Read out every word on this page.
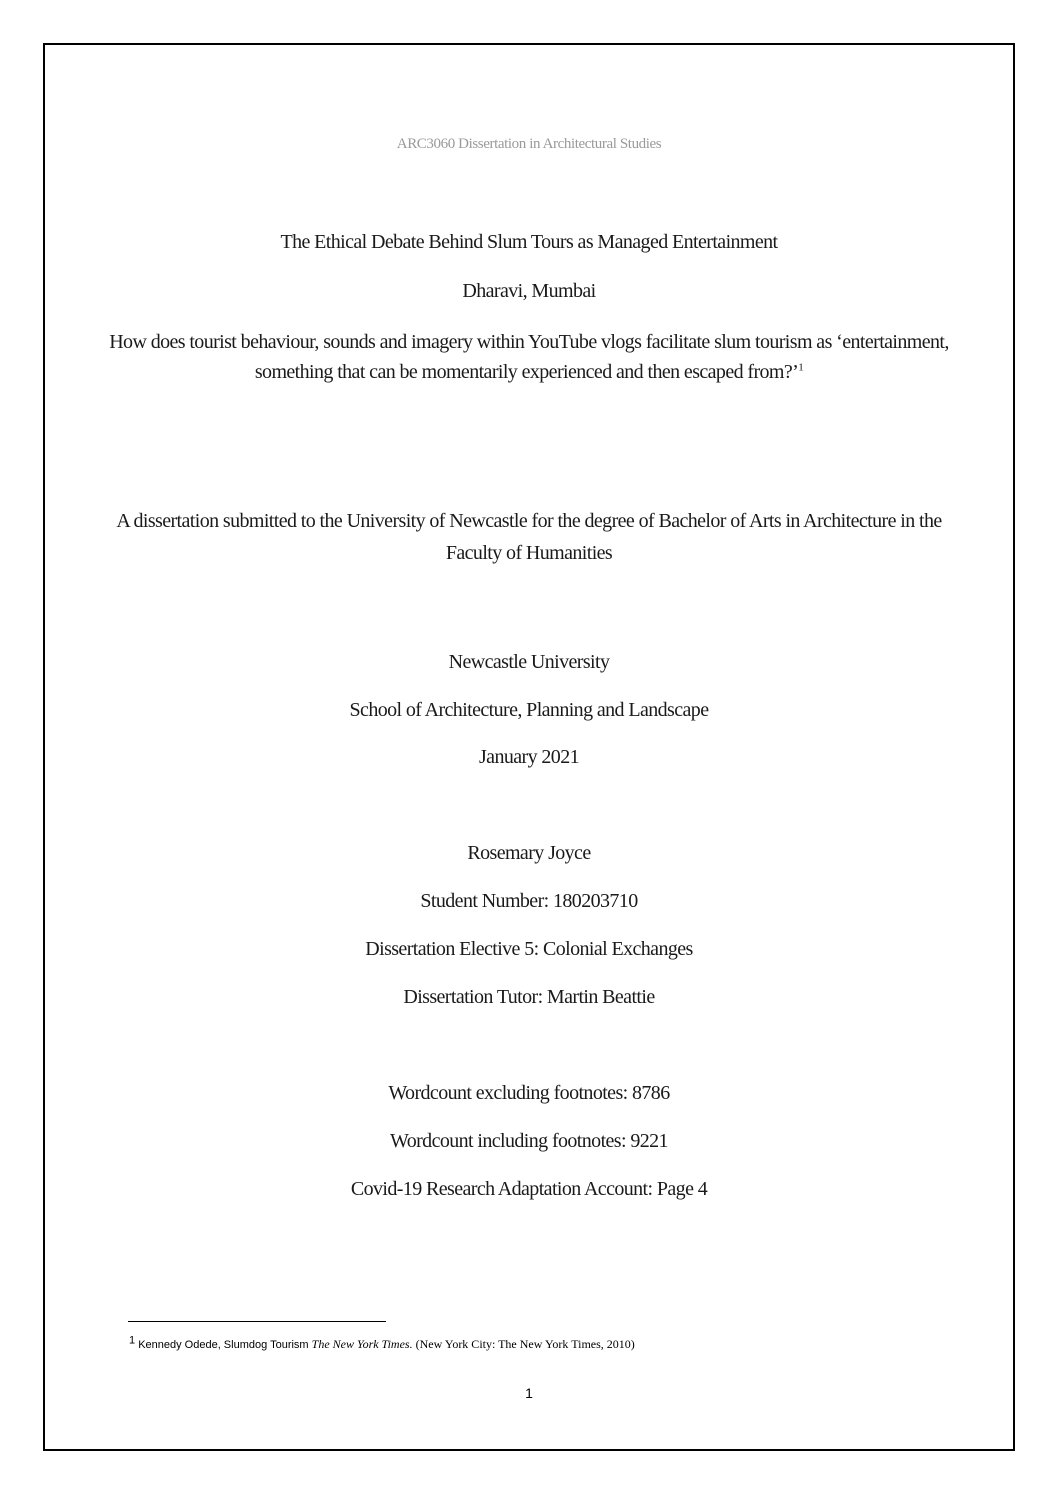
ARC3060 Dissertation in Architectural Studies
The Ethical Debate Behind Slum Tours as Managed Entertainment
Dharavi, Mumbai
How does tourist behaviour, sounds and imagery within YouTube vlogs facilitate slum tourism as ‘entertainment, something that can be momentarily experienced and then escaped from?’$^1$
A dissertation submitted to the University of Newcastle for the degree of Bachelor of Arts in Architecture in the Faculty of Humanities
Newcastle University
School of Architecture, Planning and Landscape
January 2021
Rosemary Joyce
Student Number: 180203710
Dissertation Elective 5: Colonial Exchanges
Dissertation Tutor: Martin Beattie
Wordcount excluding footnotes: 8786
Wordcount including footnotes: 9221
Covid-19 Research Adaptation Account: Page 4
$^1$ Kennedy Odede, Slumdog Tourism The New York Times. (New York City: The New York Times, 2010)
1
